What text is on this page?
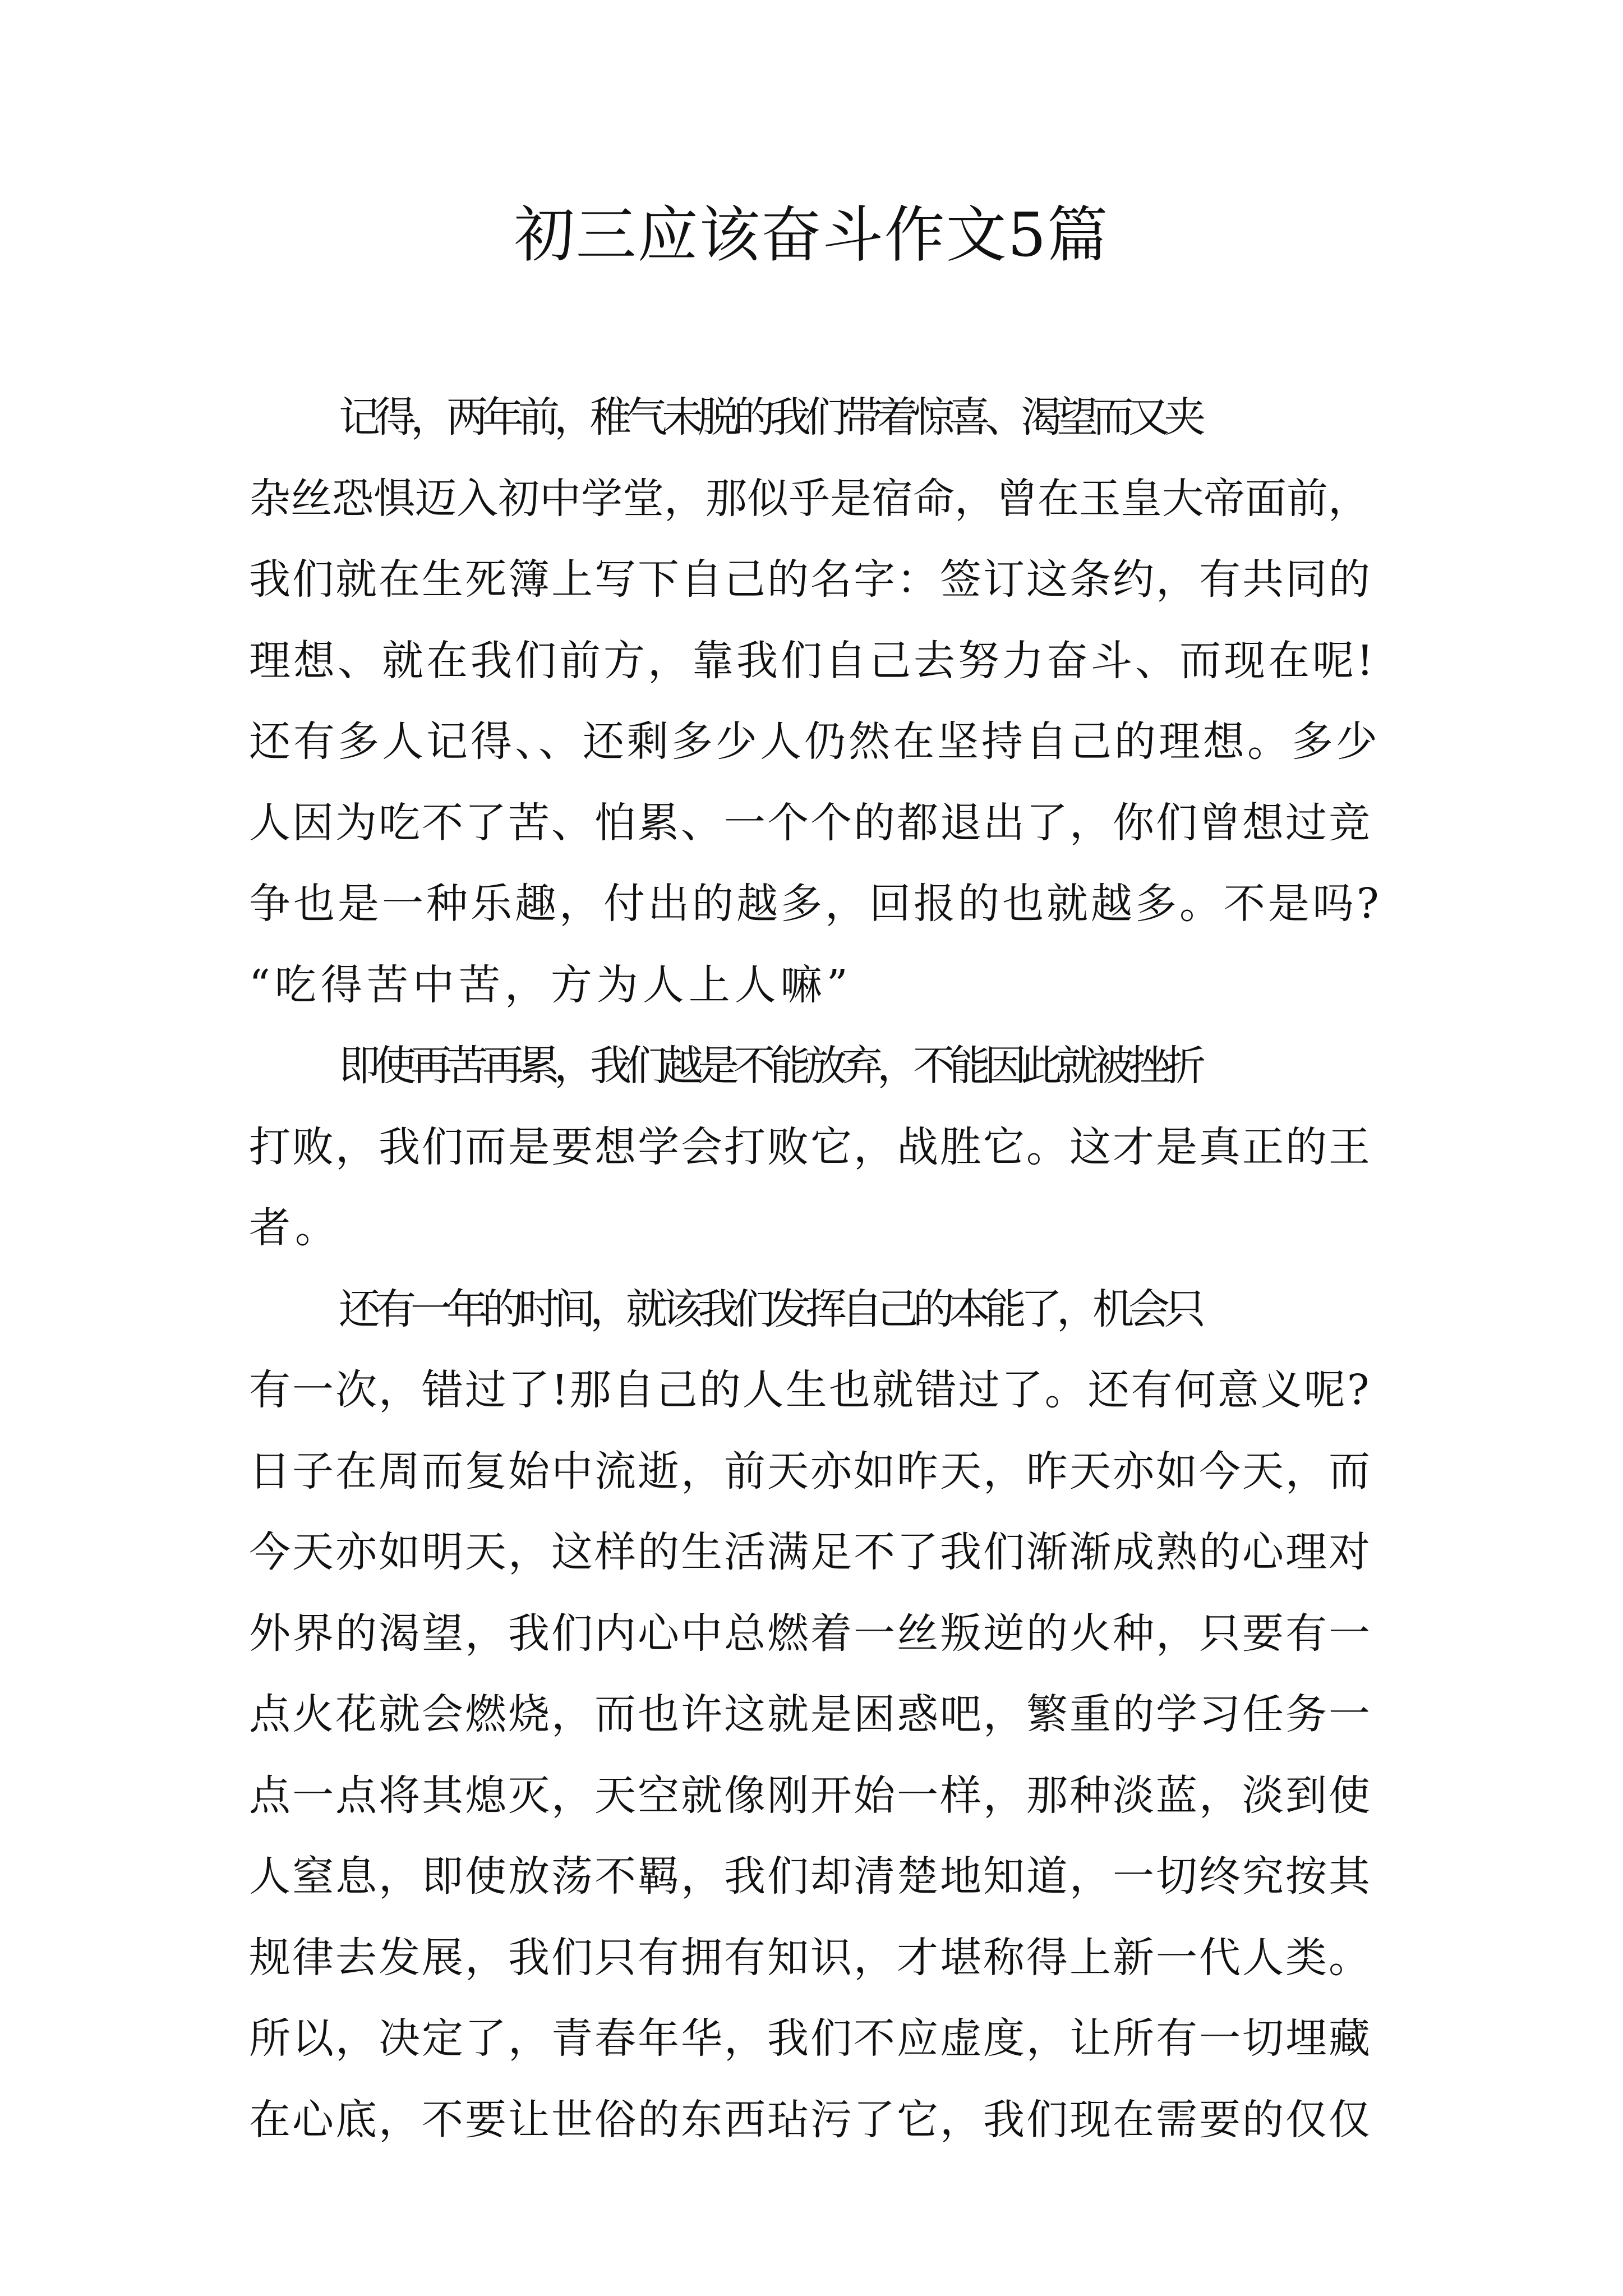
初三应该奋斗作文5篇

记得，两年前，稚气未脱的我们带着惊喜、渴望而又夹
杂丝恐惧迈入初中学堂，那似乎是宿命，曾在玉皇大帝面前，
我们就在生死簿上写下自己的名字：签订这条约，有共同的
理想、就在我们前方，靠我们自己去努力奋斗、而现在呢!
还有多人记得、、还剩多少人仍然在坚持自己的理想。多少
人因为吃不了苦、怕累、一个个的都退出了，你们曾想过竞
争也是一种乐趣，付出的越多，回报的也就越多。不是吗?
“吃得苦中苦，方为人上人嘛”

即使再苦再累，我们越是不能放弃，不能因此就被挫折
打败，我们而是要想学会打败它，战胜它。这才是真正的王
者。

还有一年的时间，就该我们发挥自己的本能了，机会只
有一次，错过了!那自己的人生也就错过了。还有何意义呢?
日子在周而复始中流逝，前天亦如昨天，昨天亦如今天，而
今天亦如明天，这样的生活满足不了我们渐渐成熟的心理对
外界的渴望，我们内心中总燃着一丝叛逆的火种，只要有一
点火花就会燃烧，而也许这就是困惑吧，繁重的学习任务一
点一点将其熄灭，天空就像刚开始一样，那种淡蓝，淡到使
人窒息，即使放荡不羁，我们却清楚地知道，一切终究按其
规律去发展，我们只有拥有知识，才堪称得上新一代人类。
所以，决定了，青春年华，我们不应虚度，让所有一切埋藏
在心底，不要让世俗的东西玷污了它，我们现在需要的仅仅
